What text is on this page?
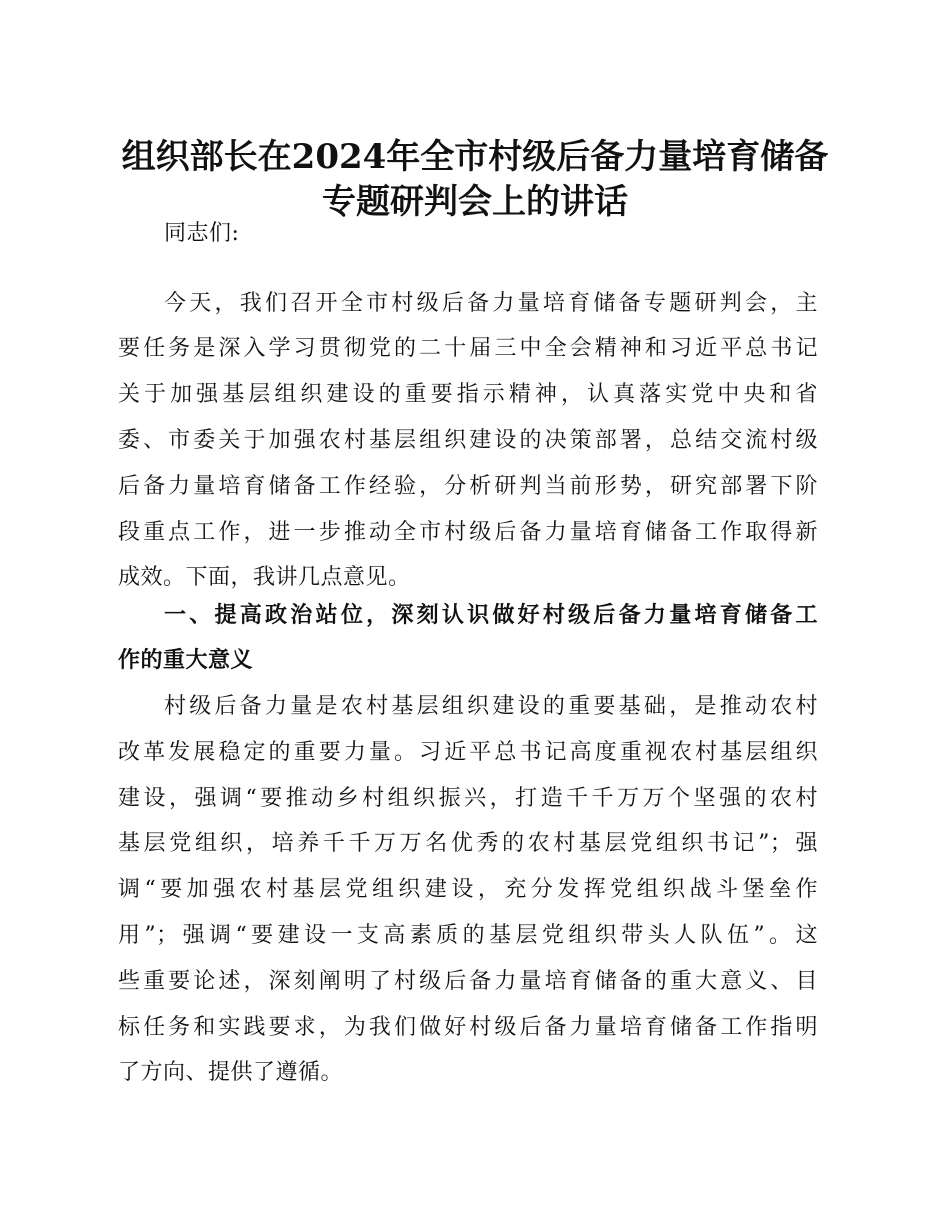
组织部长在2024年全市村级后备力量培育储备
专题研判会上的讲话
同志们:
今天，我们召开全市村级后备力量培育储备专题研判会，主
要任务是深入学习贯彻党的二十届三中全会精神和习近平总书记
关于加强基层组织建设的重要指示精神，认真落实党中央和省
委、市委关于加强农村基层组织建设的决策部署，总结交流村级
后备力量培育储备工作经验，分析研判当前形势，研究部署下阶
段重点工作，进一步推动全市村级后备力量培育储备工作取得新
成效。下面，我讲几点意见。
一、提高政治站位，深刻认识做好村级后备力量培育储备工
作的重大意义
村级后备力量是农村基层组织建设的重要基础，是推动农村
改革发展稳定的重要力量。习近平总书记高度重视农村基层组织
建设，强调“要推动乡村组织振兴，打造千千万万个坚强的农村
基层党组织，培养千千万万名优秀的农村基层党组织书记”；强
调“要加强农村基层党组织建设，充分发挥党组织战斗堡垒作
用”；强调“要建设一支高素质的基层党组织带头人队伍”。这
些重要论述，深刻阐明了村级后备力量培育储备的重大意义、目
标任务和实践要求，为我们做好村级后备力量培育储备工作指明
了方向、提供了遵循。
